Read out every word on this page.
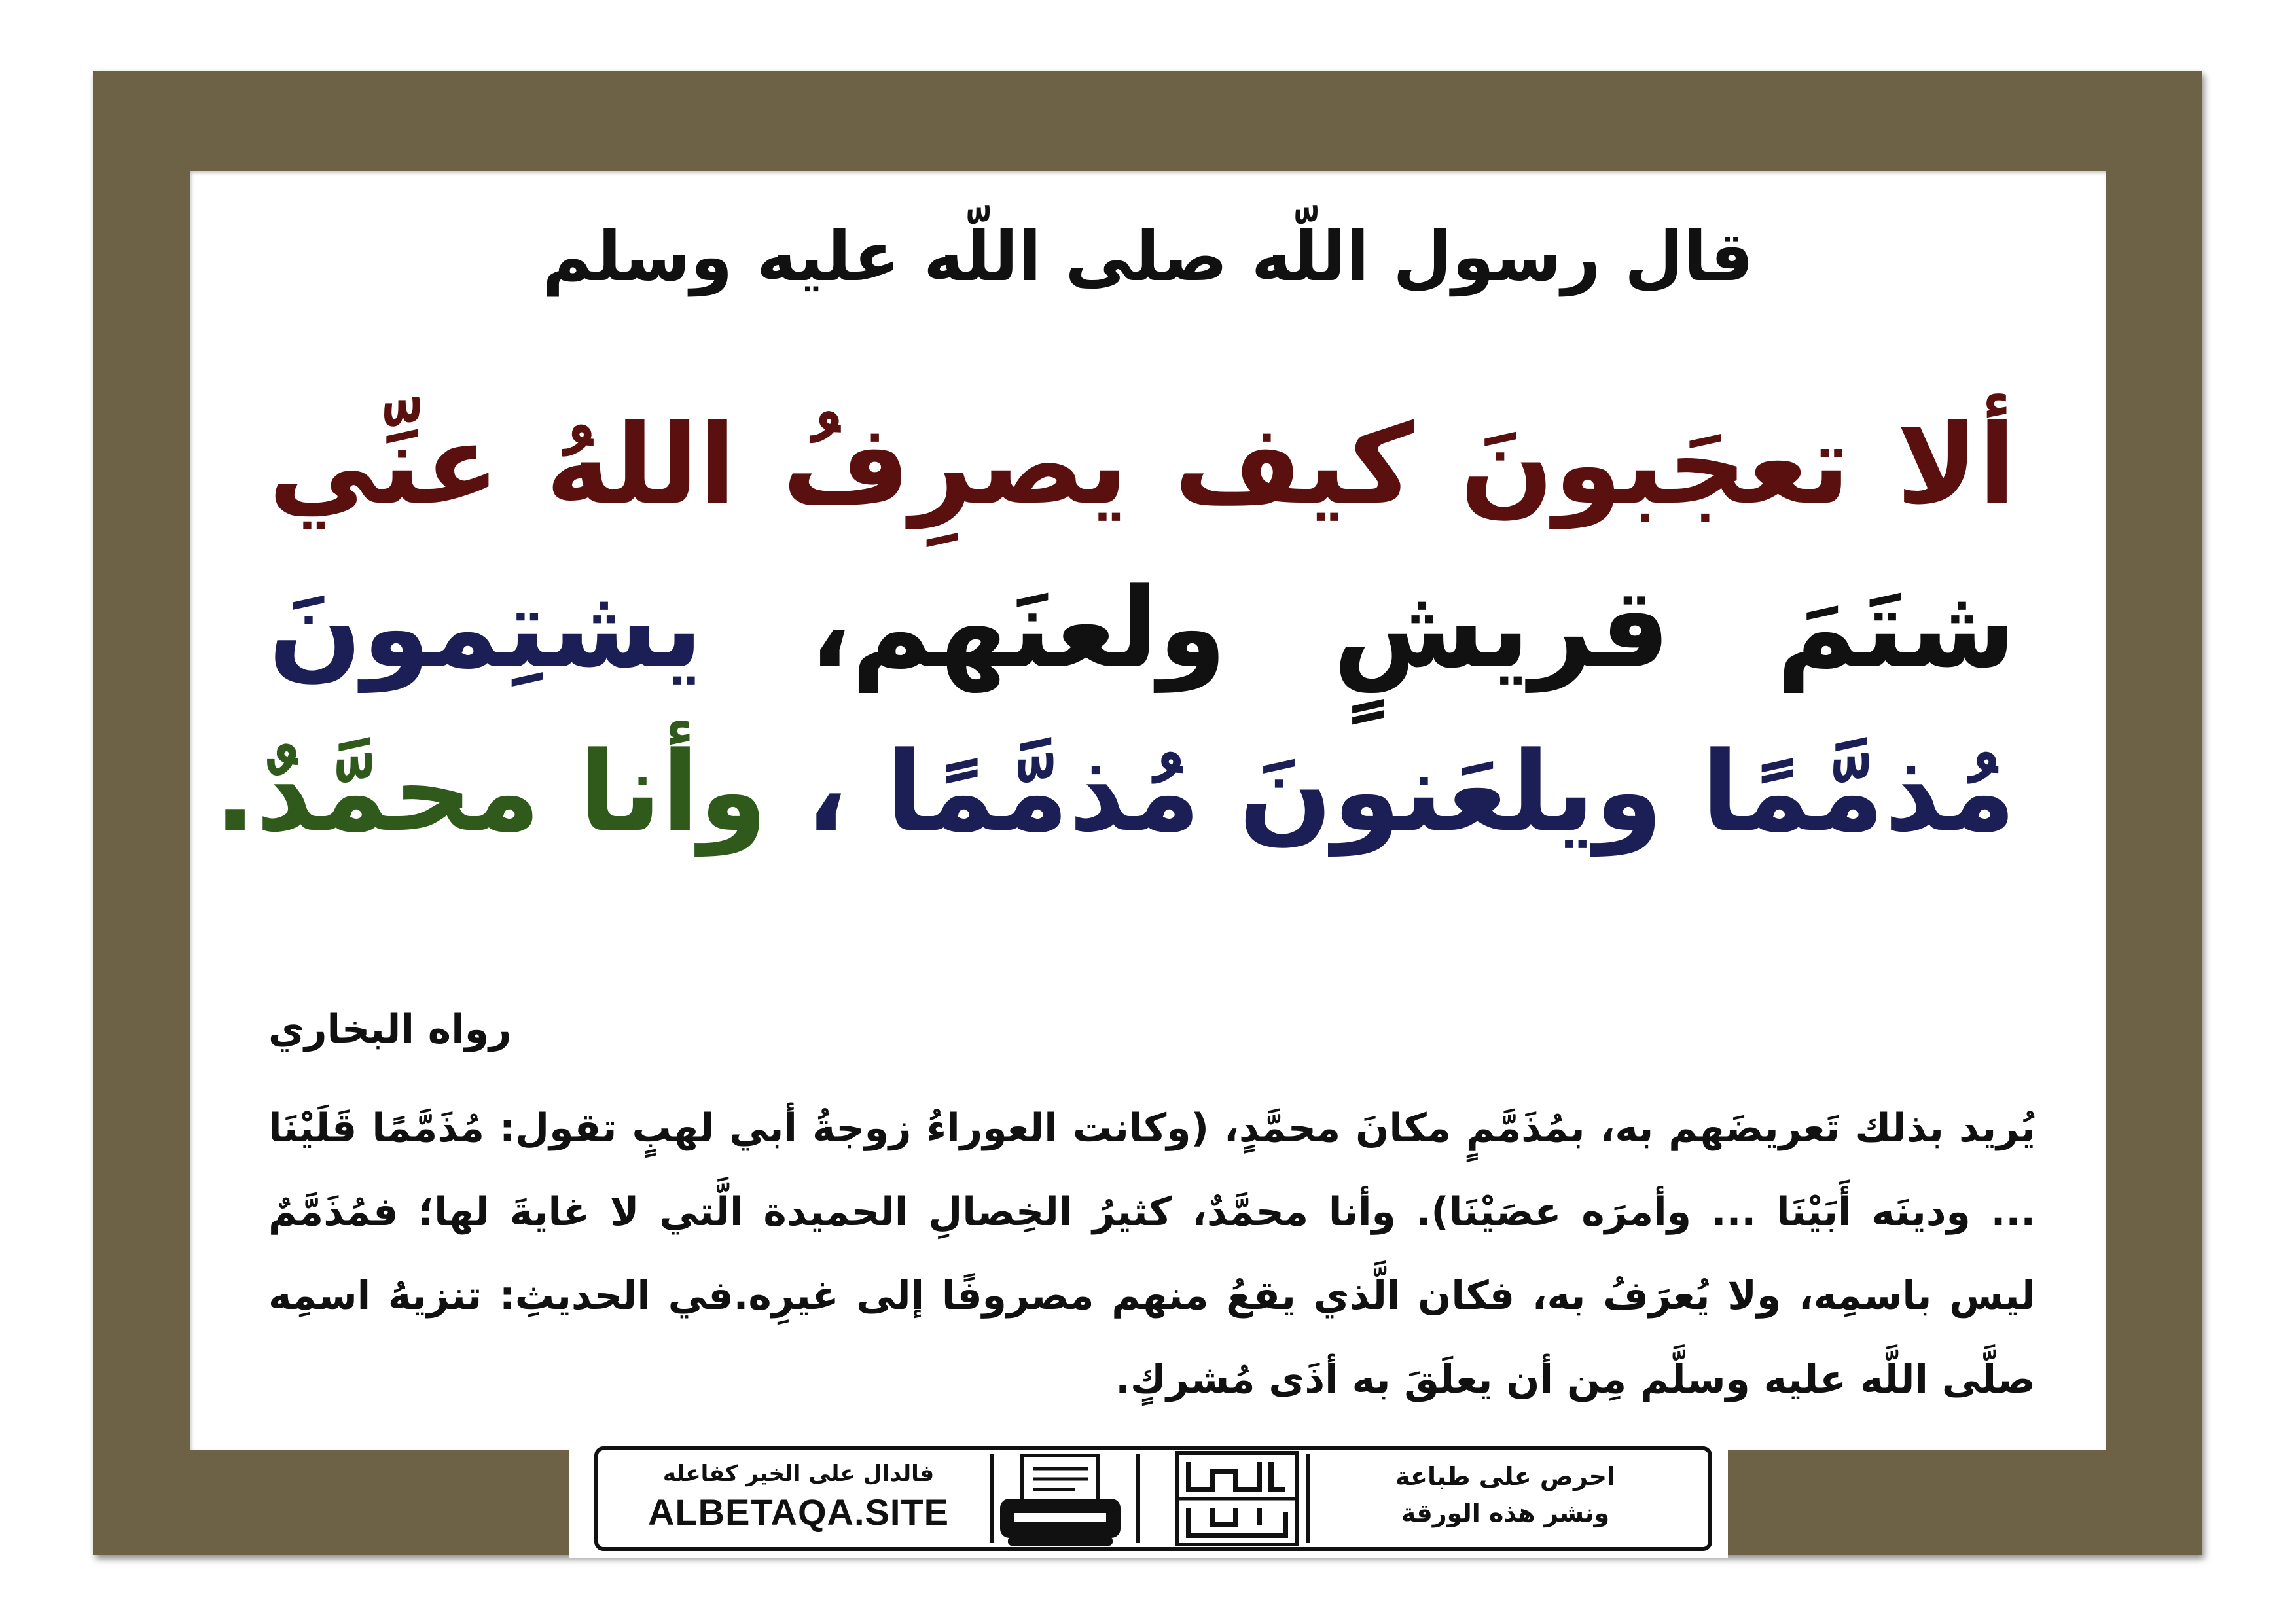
قال رسول اللّه صلى اللّه عليه وسلم
ألا تعجَبونَ كيف يصرِفُ اللهُ عنِّي
شتَمَ قريشٍ ولعنَهم، يشتِمونَ
مُذمَّمًا ويلعَنونَ مُذمَّمًا ، وأنا محمَّدٌ.
رواه البخاري
يُريد بذلك تَعريضَهم به، بمُذَمَّمٍ مكانَ محمَّدٍ، (وكانت العوراءُ زوجةُ أبي لهبٍ تقول: مُذَمَّمًا قَلَيْنَا ... ودينَه أَبَيْنَا ... وأمرَه عصَيْنَا). وأنا محمَّدٌ، كثيرُ الخِصالِ الحميدة الَّتي لا غايةَ لها؛ فمُذَمَّمٌ ليس باسمِه، ولا يُعرَفُ به، فكان الَّذي يقعُ منهم مصروفًا إلى غيرِه.في الحديثِ: تنزيهُ اسمِه صلَّى اللَّه عليه وسلَّم مِن أن يعلَقَ به أذَى مُشركٍ.
فالدال على الخير كفاعله
ALBETAQA.SITE
احرص على طباعة
ونشر هذه الورقة
